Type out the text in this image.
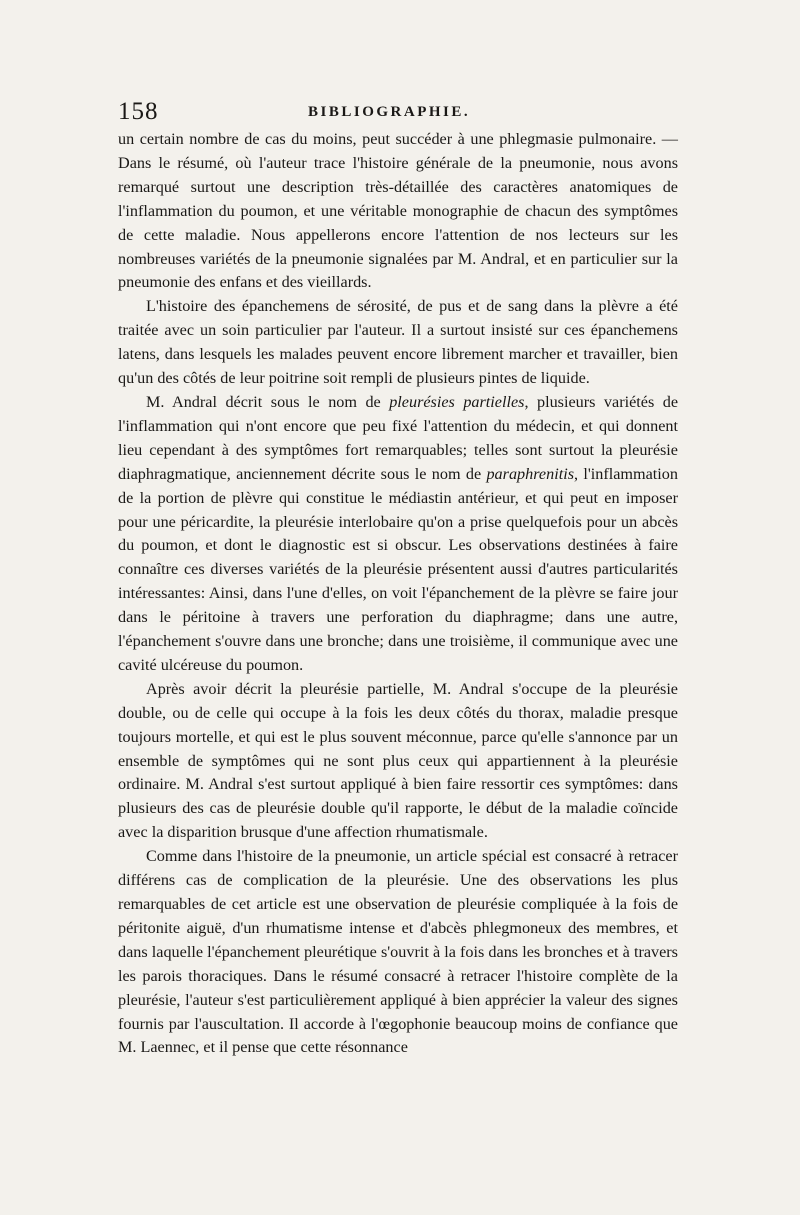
158	BIBLIOGRAPHIE.

un certain nombre de cas du moins, peut succéder à une phlegmasie pulmonaire. — Dans le résumé, où l'auteur trace l'histoire générale de la pneumonie, nous avons remarqué surtout une description très-détaillée des caractères anatomiques de l'inflammation du poumon, et une véritable monographie de chacun des symptômes de cette maladie. Nous appellerons encore l'attention de nos lecteurs sur les nombreuses variétés de la pneumonie signalées par M. Andral, et en particulier sur la pneumonie des enfans et des vieillards.

L'histoire des épanchemens de sérosité, de pus et de sang dans la plèvre a été traitée avec un soin particulier par l'auteur. Il a surtout insisté sur ces épanchemens latens, dans lesquels les malades peuvent encore librement marcher et travailler, bien qu'un des côtés de leur poitrine soit rempli de plusieurs pintes de liquide.

M. Andral décrit sous le nom de pleurésies partielles, plusieurs variétés de l'inflammation qui n'ont encore que peu fixé l'attention du médecin, et qui donnent lieu cependant à des symptômes fort remarquables; telles sont surtout la pleurésie diaphragmatique, anciennement décrite sous le nom de paraphrenitis, l'inflammation de la portion de plèvre qui constitue le médiastin antérieur, et qui peut en imposer pour une péricardite, la pleurésie interlobaire qu'on a prise quelquefois pour un abcès du poumon, et dont le diagnostic est si obscur. Les observations destinées à faire connaître ces diverses variétés de la pleurésie présentent aussi d'autres particularités intéressantes: Ainsi, dans l'une d'elles, on voit l'épanchement de la plèvre se faire jour dans le péritoine à travers une perforation du diaphragme; dans une autre, l'épanchement s'ouvre dans une bronche; dans une troisième, il communique avec une cavité ulcéreuse du poumon.

Après avoir décrit la pleurésie partielle, M. Andral s'occupe de la pleurésie double, ou de celle qui occupe à la fois les deux côtés du thorax, maladie presque toujours mortelle, et qui est le plus souvent méconnue, parce qu'elle s'annonce par un ensemble de symptômes qui ne sont plus ceux qui appartiennent à la pleurésie ordinaire. M. Andral s'est surtout appliqué à bien faire ressortir ces symptômes: dans plusieurs des cas de pleurésie double qu'il rapporte, le début de la maladie coïncide avec la disparition brusque d'une affection rhumatismale.

Comme dans l'histoire de la pneumonie, un article spécial est consacré à retracer différens cas de complication de la pleurésie. Une des observations les plus remarquables de cet article est une observation de pleurésie compliquée à la fois de péritonite aiguë, d'un rhumatisme intense et d'abcès phlegmoneux des membres, et dans laquelle l'épanchement pleurétique s'ouvrit à la fois dans les bronches et à travers les parois thoraciques. Dans le résumé consacré à retracer l'histoire complète de la pleurésie, l'auteur s'est particulièrement appliqué à bien apprécier la valeur des signes fournis par l'auscultation. Il accorde à l'œgophonie beaucoup moins de confiance que M. Laennec, et il pense que cette résonnance
